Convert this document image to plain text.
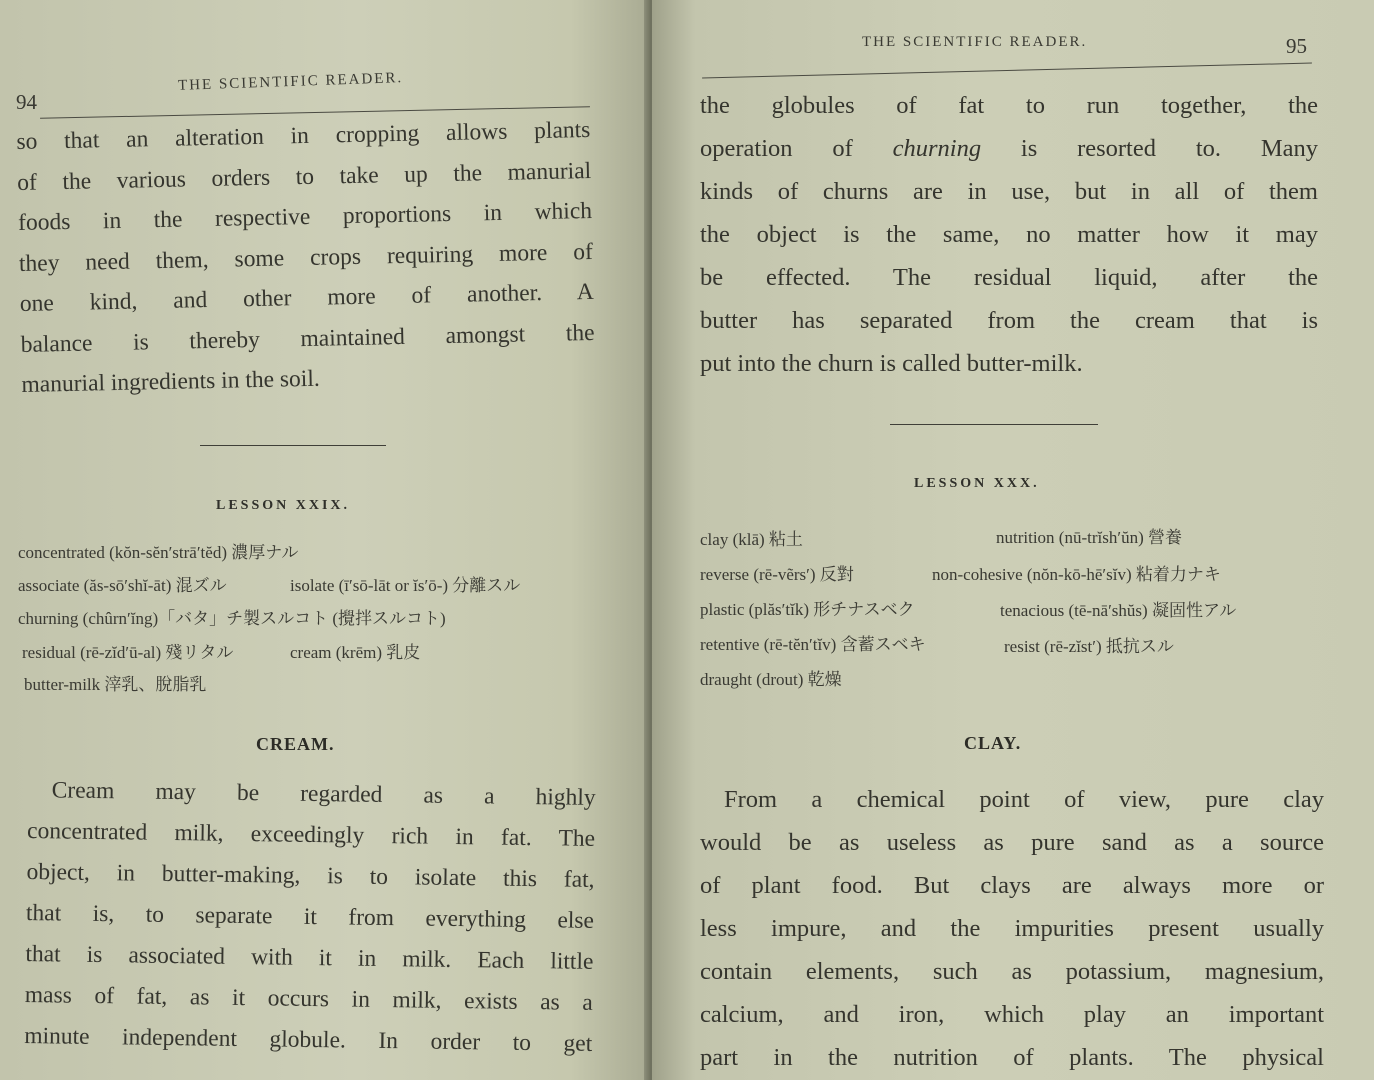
94
THE SCIENTIFIC READER.
so that an alteration in cropping allows plants
of the various orders to take up the manurial
foods in the respective proportions in which
they need them, some crops requiring more of
one kind, and other more of another. A
balance is thereby maintained amongst the
manurial ingredients in the soil.
LESSON XXIX.
concentrated (kŏn-sĕn′strā′tĕd) 濃厚ナル
associate (ăs-sō′shĭ-āt) 混ズル	isolate (ī′sō-lāt or ĭs′ō-) 分離スル
churning (chûrn′ĭng)「バタ」チ製スルコト (攪拌スルコト)
residual (rē-zĭd′ū-al) 殘リタル	cream (krēm) 乳皮
butter-milk 滓乳、脫脂乳
CREAM.
Cream may be regarded as a highly
concentrated milk, exceedingly rich in fat. The
object, in butter-making, is to isolate this fat,
that is, to separate it from everything else
that is associated with it in milk. Each little
mass of fat, as it occurs in milk, exists as a
minute independent globule. In order to get
THE SCIENTIFIC READER.	95
the globules of fat to run together, the
operation of churning is resorted to. Many
kinds of churns are in use, but in all of them
the object is the same, no matter how it may
be effected. The residual liquid, after the
butter has separated from the cream that is
put into the churn is called butter-milk.
LESSON XXX.
clay (klā) 粘土	nutrition (nū-trĭsh′ŭn) 營養
reverse (rē-vẽrs′) 反對	non-cohesive (nŏn-kō-hē′sĭv) 粘着力ナキ
plastic (plăs′tĭk) 形チナスベク	tenacious (tē-nā′shŭs) 凝固性アル
retentive (rē-tĕn′tĭv) 含蓄スベキ	resist (rē-zĭst′) 抵抗スル
draught (drout) 乾燥
CLAY.
From a chemical point of view, pure clay
would be as useless as pure sand as a source
of plant food. But clays are always more or
less impure, and the impurities present usually
contain elements, such as potassium, magnesium,
calcium, and iron, which play an important
part in the nutrition of plants. The physical
